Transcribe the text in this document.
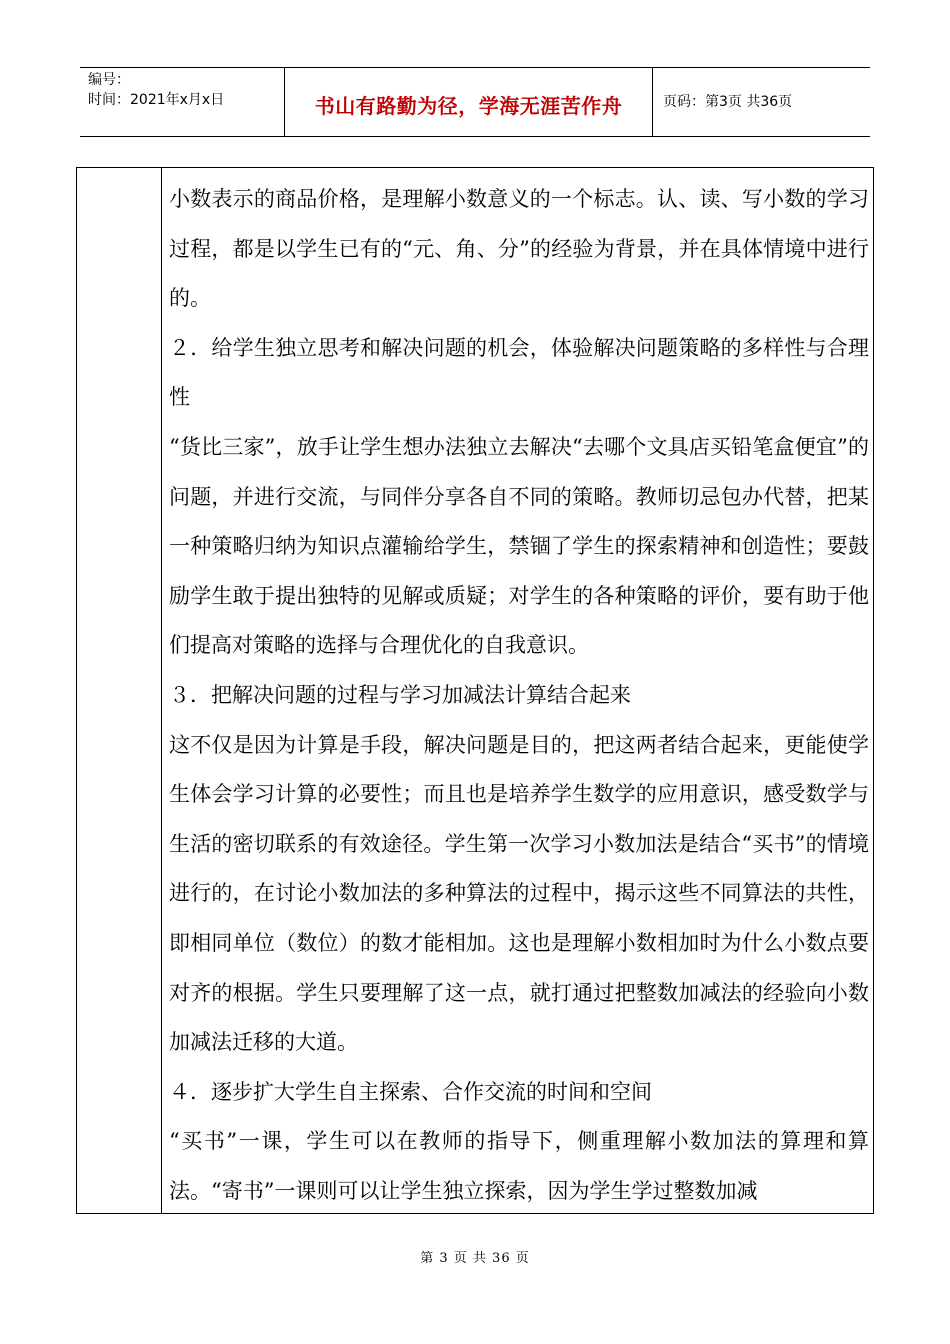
编号：
时间：2021年x月x日	书山有路勤为径，学海无涯苦作舟	页码：第3页 共36页

小数表示的商品价格，是理解小数意义的一个标志。认、读、写小数的学习过程，都是以学生已有的“元、角、分”的经验为背景，并在具体情境中进行的。

２．给学生独立思考和解决问题的机会，体验解决问题策略的多样性与合理性

“货比三家”，放手让学生想办法独立去解决“去哪个文具店买铅笔盒便宜”的问题，并进行交流，与同伴分享各自不同的策略。教师切忌包办代替，把某一种策略归纳为知识点灌输给学生，禁锢了学生的探索精神和创造性；要鼓励学生敢于提出独特的见解或质疑；对学生的各种策略的评价，要有助于他们提高对策略的选择与合理优化的自我意识。

３．把解决问题的过程与学习加减法计算结合起来

这不仅是因为计算是手段，解决问题是目的，把这两者结合起来，更能使学生体会学习计算的必要性；而且也是培养学生数学的应用意识，感受数学与生活的密切联系的有效途径。学生第一次学习小数加法是结合“买书”的情境进行的，在讨论小数加法的多种算法的过程中，揭示这些不同算法的共性，即相同单位（数位）的数才能相加。这也是理解小数相加时为什么小数点要对齐的根据。学生只要理解了这一点，就打通过把整数加减法的经验向小数加减法迁移的大道。

４．逐步扩大学生自主探索、合作交流的时间和空间

“买书”一课，学生可以在教师的指导下，侧重理解小数加法的算理和算法。“寄书”一课则可以让学生独立探索，因为学生学过整数加减

第 3 页 共 36 页
